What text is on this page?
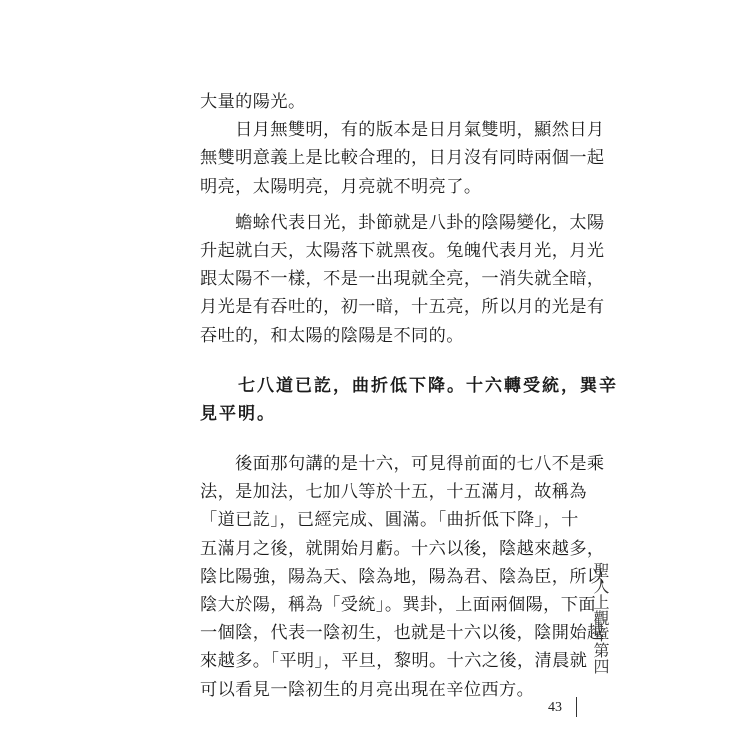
大量的陽光。
　　日月無雙明，有的版本是日月氣雙明，顯然日月
無雙明意義上是比較合理的，日月沒有同時兩個一起
明亮，太陽明亮，月亮就不明亮了。
　　蟾蜍代表日光，卦節就是八卦的陰陽變化，太陽
升起就白天，太陽落下就黑夜。兔魄代表月光，月光
跟太陽不一樣，不是一出現就全亮，一消失就全暗，
月光是有吞吐的，初一暗，十五亮，所以月的光是有
吞吐的，和太陽的陰陽是不同的。
　　七八道已訖，曲折低下降。十六轉受統，巽辛
見平明。
　　後面那句講的是十六，可見得前面的七八不是乘
法，是加法，七加八等於十五，十五滿月，故稱為
「道已訖」，已經完成、圓滿。「曲折低下降」，十
五滿月之後，就開始月虧。十六以後，陰越來越多，
陰比陽強，陽為天、陰為地，陽為君、陰為臣，所以
陰大於陽，稱為「受統」。巽卦，上面兩個陽，下面
一個陰，代表一陰初生，也就是十六以後，陰開始越
來越多。「平明」，平旦，黎明。十六之後，清晨就
可以看見一陰初生的月亮出現在辛位西方。
聖人上觀章第四
43
